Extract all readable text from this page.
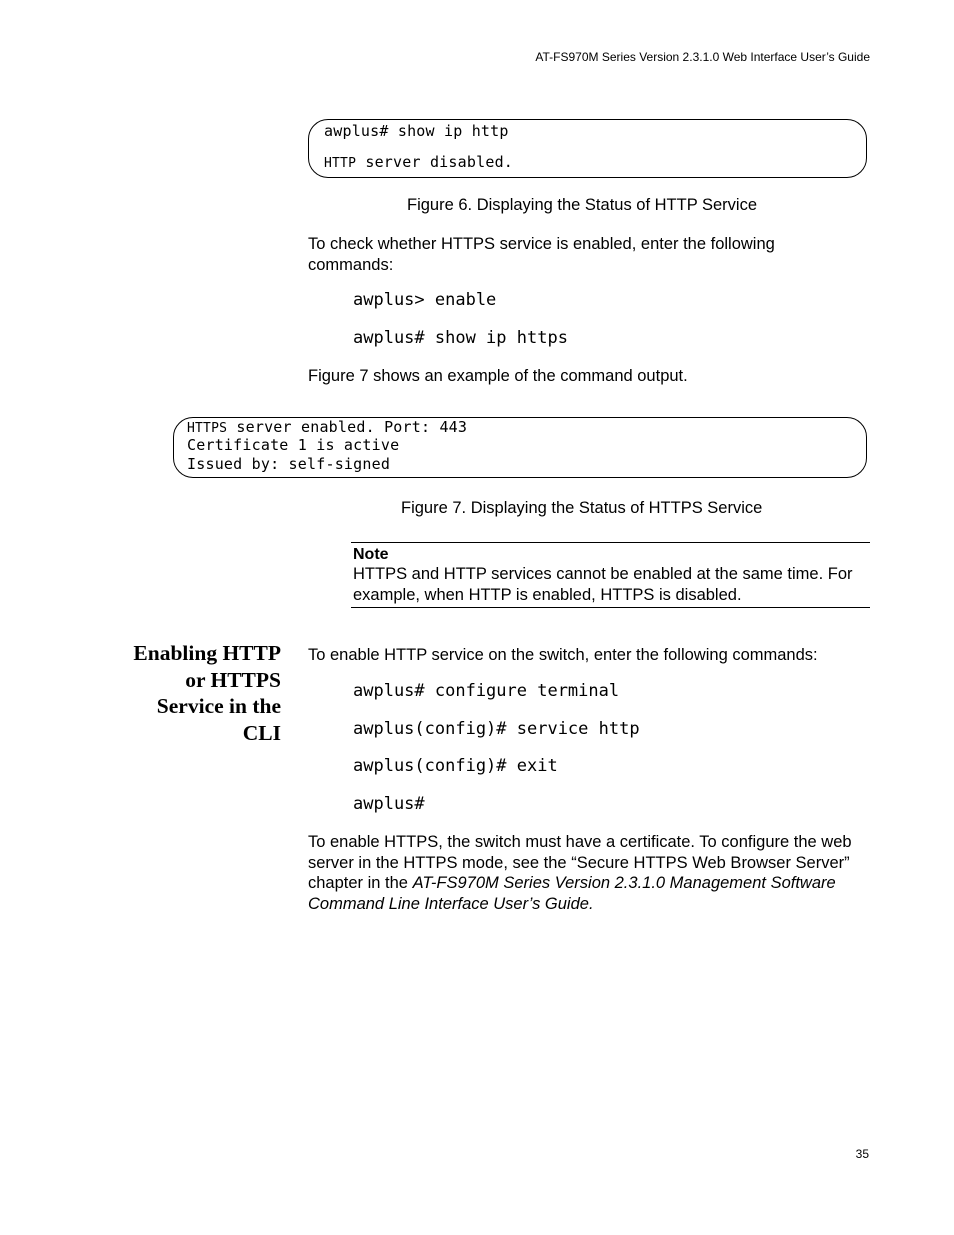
AT-FS970M Series Version 2.3.1.0 Web Interface User’s Guide
awplus# show ip http
HTTP server disabled.
Figure 6. Displaying the Status of HTTP Service
To check whether HTTPS service is enabled, enter the following commands:
awplus> enable
awplus# show ip https
Figure 7 shows an example of the command output.
HTTPS server enabled. Port: 443
Certificate 1 is active
Issued by: self-signed
Figure 7. Displaying the Status of HTTPS Service
Note
HTTPS and HTTP services cannot be enabled at the same time. For example, when HTTP is enabled, HTTPS is disabled.
Enabling HTTP
or HTTPS
Service in the
CLI
To enable HTTP service on the switch, enter the following commands:
awplus# configure terminal
awplus(config)# service http
awplus(config)# exit
awplus#
To enable HTTPS, the switch must have a certificate. To configure the web server in the HTTPS mode, see the “Secure HTTPS Web Browser Server” chapter in the AT-FS970M Series Version 2.3.1.0 Management Software Command Line Interface User’s Guide.
35
